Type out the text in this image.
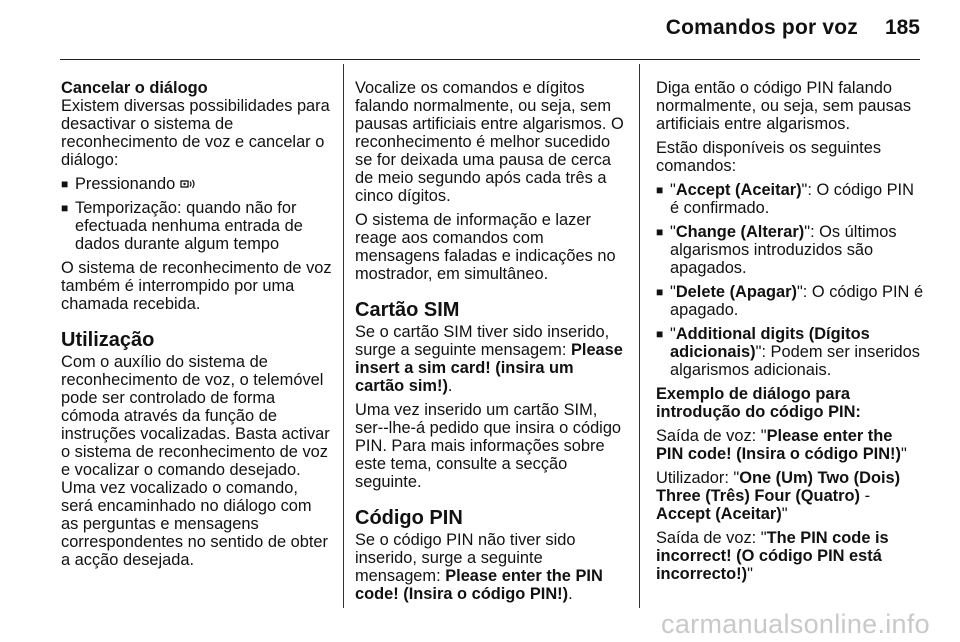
Comandos por voz 185

Cancelar o diálogo

Existem diversas possibilidades para desactivar o sistema de reconhecimento de voz e cancelar o diálogo:

■ Pressionando
■ Temporização: quando não for efectuada nenhuma entrada de dados durante algum tempo

O sistema de reconhecimento de voz também é interrompido por uma chamada recebida.

Utilização

Com o auxílio do sistema de reconhecimento de voz, o telemóvel pode ser controlado de forma cómoda através da função de instruções vocalizadas. Basta activar o sistema de reconhecimento de voz e vocalizar o comando desejado. Uma vez vocalizado o comando, será encaminhado no diálogo com as perguntas e mensagens correspondentes no sentido de obter a acção desejada.

Vocalize os comandos e dígitos falando normalmente, ou seja, sem pausas artificiais entre algarismos. O reconhecimento é melhor sucedido se for deixada uma pausa de cerca de meio segundo após cada três a cinco dígitos.

O sistema de informação e lazer reage aos comandos com mensagens faladas e indicações no mostrador, em simultâneo.

Cartão SIM

Se o cartão SIM tiver sido inserido, surge a seguinte mensagem: Please insert a sim card! (insira um cartão sim!).

Uma vez inserido um cartão SIM, ser--lhe-á pedido que insira o código PIN. Para mais informações sobre este tema, consulte a secção seguinte.

Código PIN

Se o código PIN não tiver sido inserido, surge a seguinte mensagem: Please enter the PIN code! (Insira o código PIN!).

Diga então o código PIN falando normalmente, ou seja, sem pausas artificiais entre algarismos.

Estão disponíveis os seguintes comandos:

■ "Accept (Aceitar)": O código PIN é confirmado.
■ "Change (Alterar)": Os últimos algarismos introduzidos são apagados.
■ "Delete (Apagar)": O código PIN é apagado.
■ "Additional digits (Dígitos adicionais)": Podem ser inseridos algarismos adicionais.

Exemplo de diálogo para introdução do código PIN:

Saída de voz: "Please enter the PIN code! (Insira o código PIN!)"

Utilizador: "One (Um) Two (Dois) Three (Três) Four (Quatro) - Accept (Aceitar)"

Saída de voz: "The PIN code is incorrect! (O código PIN está incorrecto!)"

carmanualsonline.info
